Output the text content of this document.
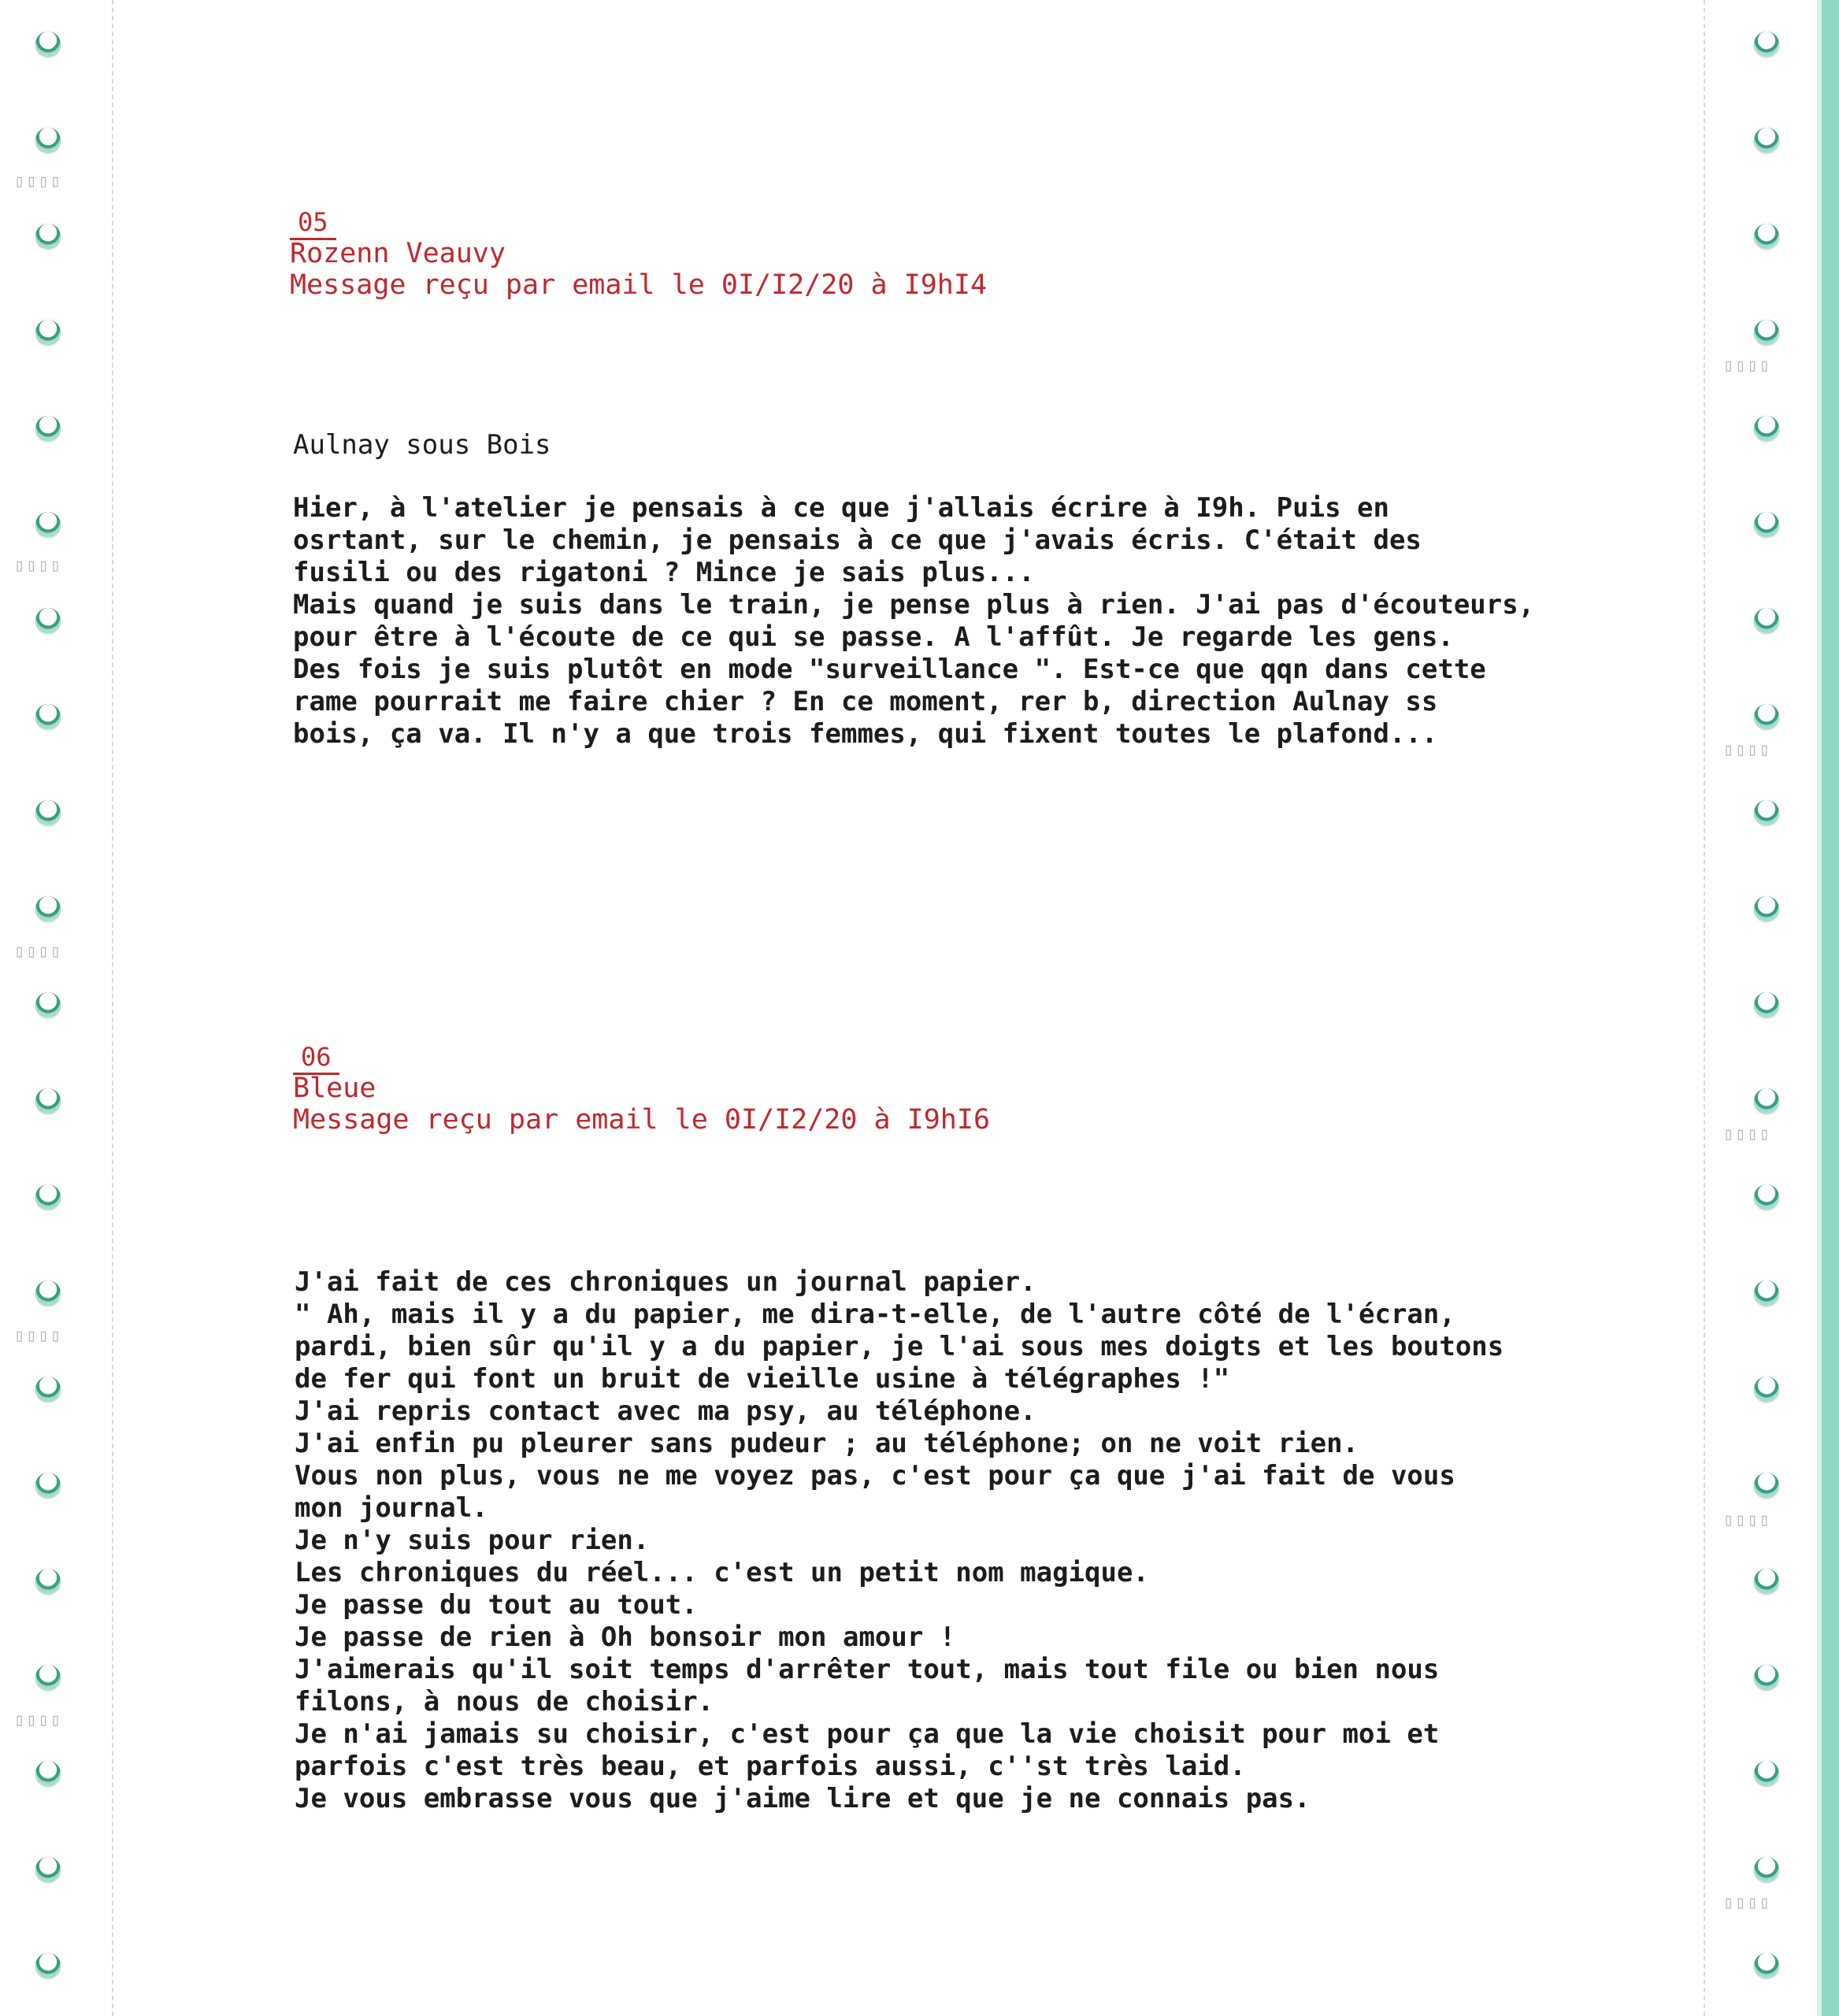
▯▯▯▯
▯▯▯▯
▯▯▯▯
▯▯▯▯
▯▯▯▯
▯▯▯▯
▯▯▯▯
▯▯▯▯
▯▯▯▯
▯▯▯▯
05
Rozenn Veauvy
Message reçu par email le 0I/I2/20 à I9hI4
Aulnay sous Bois
Hier, à l'atelier je pensais à ce que j'allais écrire à I9h. Puis en
osrtant, sur le chemin, je pensais à ce que j'avais écris. C'était des
fusili ou des rigatoni ? Mince je sais plus...
Mais quand je suis dans le train, je pense plus à rien. J'ai pas d'écouteurs,
pour être à l'écoute de ce qui se passe. A l'affût. Je regarde les gens.
Des fois je suis plutôt en mode "surveillance ". Est-ce que qqn dans cette
rame pourrait me faire chier ? En ce moment, rer b, direction Aulnay ss
bois, ça va. Il n'y a que trois femmes, qui fixent toutes le plafond...
06
Bleue
Message reçu par email le 0I/I2/20 à I9hI6
J'ai fait de ces chroniques un journal papier.
" Ah, mais il y a du papier, me dira-t-elle, de l'autre côté de l'écran,
pardi, bien sûr qu'il y a du papier, je l'ai sous mes doigts et les boutons
de fer qui font un bruit de vieille usine à télégraphes !"
J'ai repris contact avec ma psy, au téléphone.
J'ai enfin pu pleurer sans pudeur ; au téléphone; on ne voit rien.
Vous non plus, vous ne me voyez pas, c'est pour ça que j'ai fait de vous
mon journal.
Je n'y suis pour rien.
Les chroniques du réel... c'est un petit nom magique.
Je passe du tout au tout.
Je passe de rien à Oh bonsoir mon amour !
J'aimerais qu'il soit temps d'arrêter tout, mais tout file ou bien nous
filons, à nous de choisir.
Je n'ai jamais su choisir, c'est pour ça que la vie choisit pour moi et
parfois c'est très beau, et parfois aussi, c''st très laid.
Je vous embrasse vous que j'aime lire et que je ne connais pas.
